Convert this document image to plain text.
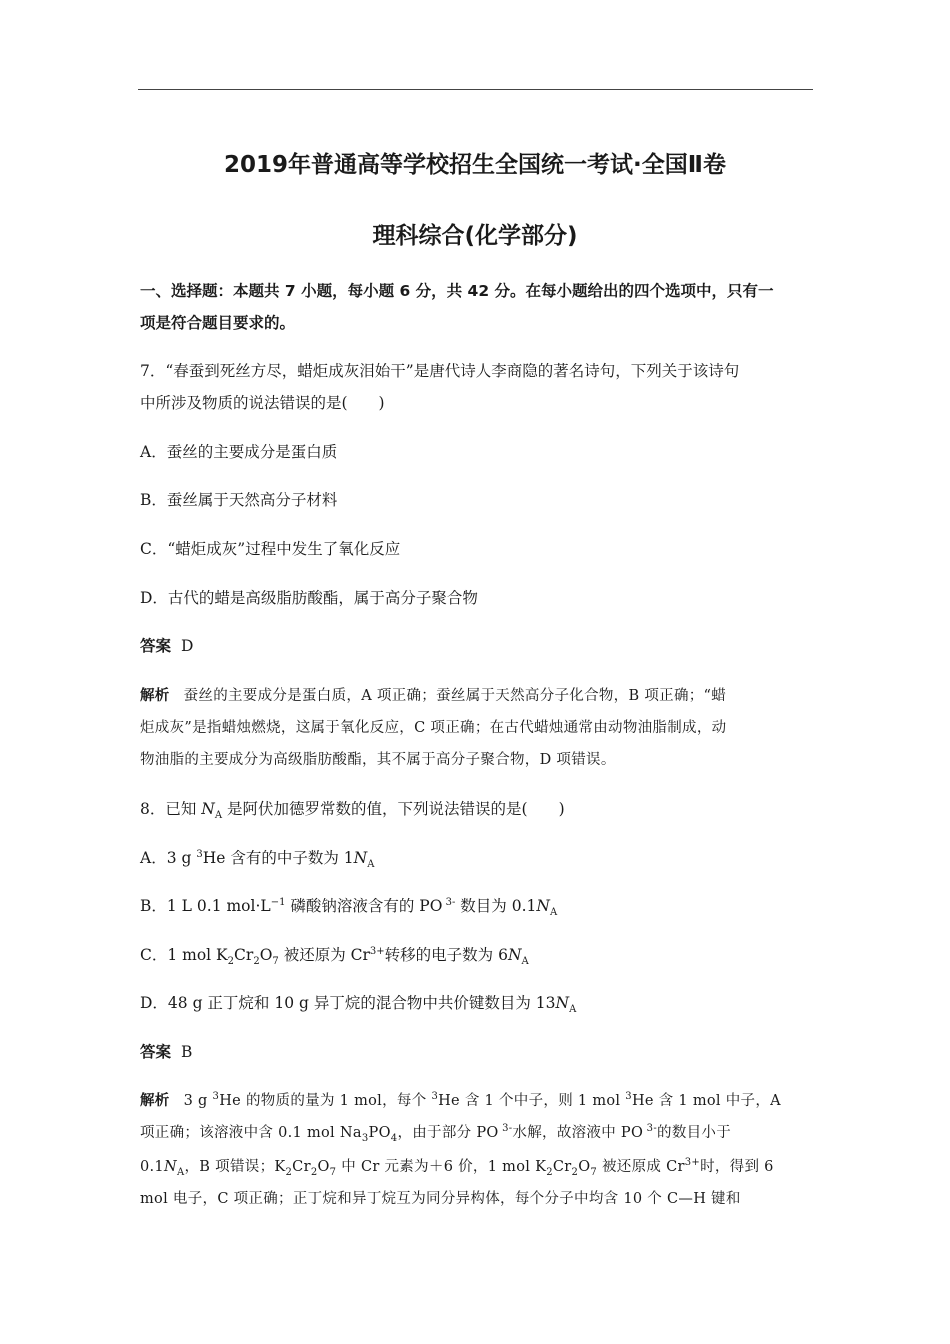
2019年普通高等学校招生全国统一考试·全国Ⅱ卷
理科综合(化学部分)
一、选择题：本题共 7 小题，每小题 6 分，共 42 分。在每小题给出的四个选项中，只有一
项是符合题目要求的。
7．“春蚕到死丝方尽，蜡炬成灰泪始干”是唐代诗人李商隐的著名诗句，下列关于该诗句
中所涉及物质的说法错误的是(　　)
A．蚕丝的主要成分是蛋白质
B．蚕丝属于天然高分子材料
C．“蜡炬成灰”过程中发生了氧化反应
D．古代的蜡是高级脂肪酸酯，属于高分子聚合物
答案 D
解析 蚕丝的主要成分是蛋白质，A 项正确；蚕丝属于天然高分子化合物，B 项正确；“蜡
炬成灰”是指蜡烛燃烧，这属于氧化反应，C 项正确；在古代蜡烛通常由动物油脂制成，动
物油脂的主要成分为高级脂肪酸酯，其不属于高分子聚合物，D 项错误。
8．已知 $N_A$ 是阿伏加德罗常数的值，下列说法错误的是(　　)
A．3 g $^3$He 含有的中子数为 $1N_A$
B．1 L 0.1 $mol\cdot L^{-1}$ 磷酸钠溶液含有的 PO $^{3-}$ 数目为 $0.1N_A$
C．1 mol $K_2Cr_2O_7$ 被还原为 $Cr^{3+}$转移的电子数为 $6N_A$
D．48 g 正丁烷和 10 g 异丁烷的混合物中共价键数目为 $13N_A$
答案 B
解析 3 g $^3$He 的物质的量为 1 mol，每个 $^3$He 含 1 个中子，则 1 mol $^3$He 含 1 mol 中子，A
项正确；该溶液中含 0.1 mol $Na_3PO_4$，由于部分 PO $^{3-}$水解，故溶液中 PO $^{3-}$的数目小于
$0.1N_A$，B 项错误；$K_2Cr_2O_7$ 中 Cr 元素为＋6 价，1 mol $K_2Cr_2O_7$ 被还原成 $Cr^{3+}$时，得到 6
mol 电子，C 项正确；正丁烷和异丁烷互为同分异构体，每个分子中均含 10 个 C—H 键和
